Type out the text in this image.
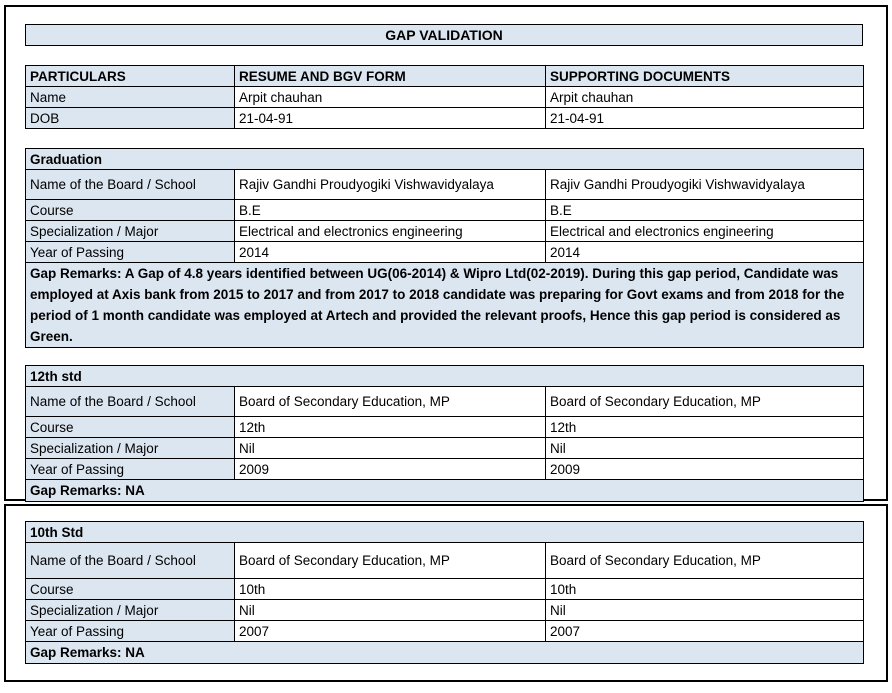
GAP VALIDATION
PARTICULARS	RESUME AND BGV FORM	SUPPORTING DOCUMENTS
Name	Arpit chauhan	Arpit chauhan
DOB	21-04-91	21-04-91
Graduation		
Name of the Board / School	Rajiv Gandhi Proudyogiki Vishwavidyalaya	Rajiv Gandhi Proudyogiki Vishwavidyalaya
Course	B.E	B.E
Specialization / Major	Electrical and electronics engineering	Electrical and electronics engineering
Year of Passing	2014	2014
Gap Remarks: A Gap of 4.8 years identified between UG(06-2014) & Wipro Ltd(02-2019). During this gap period, Candidate was employed at Axis bank from 2015 to 2017 and from 2017 to 2018 candidate was preparing for Govt exams and from 2018 for the period of 1 month candidate was employed at Artech and provided the relevant proofs, Hence this gap period is considered as Green.		
12th std		
Name of the Board / School	Board of Secondary Education, MP	Board of Secondary Education, MP
Course	12th	12th
Specialization / Major	Nil	Nil
Year of Passing	2009	2009
Gap Remarks: NA		
10th Std		
Name of the Board / School	Board of Secondary Education, MP	Board of Secondary Education, MP
Course	10th	10th
Specialization / Major	Nil	Nil
Year of Passing	2007	2007
Gap Remarks: NA		
